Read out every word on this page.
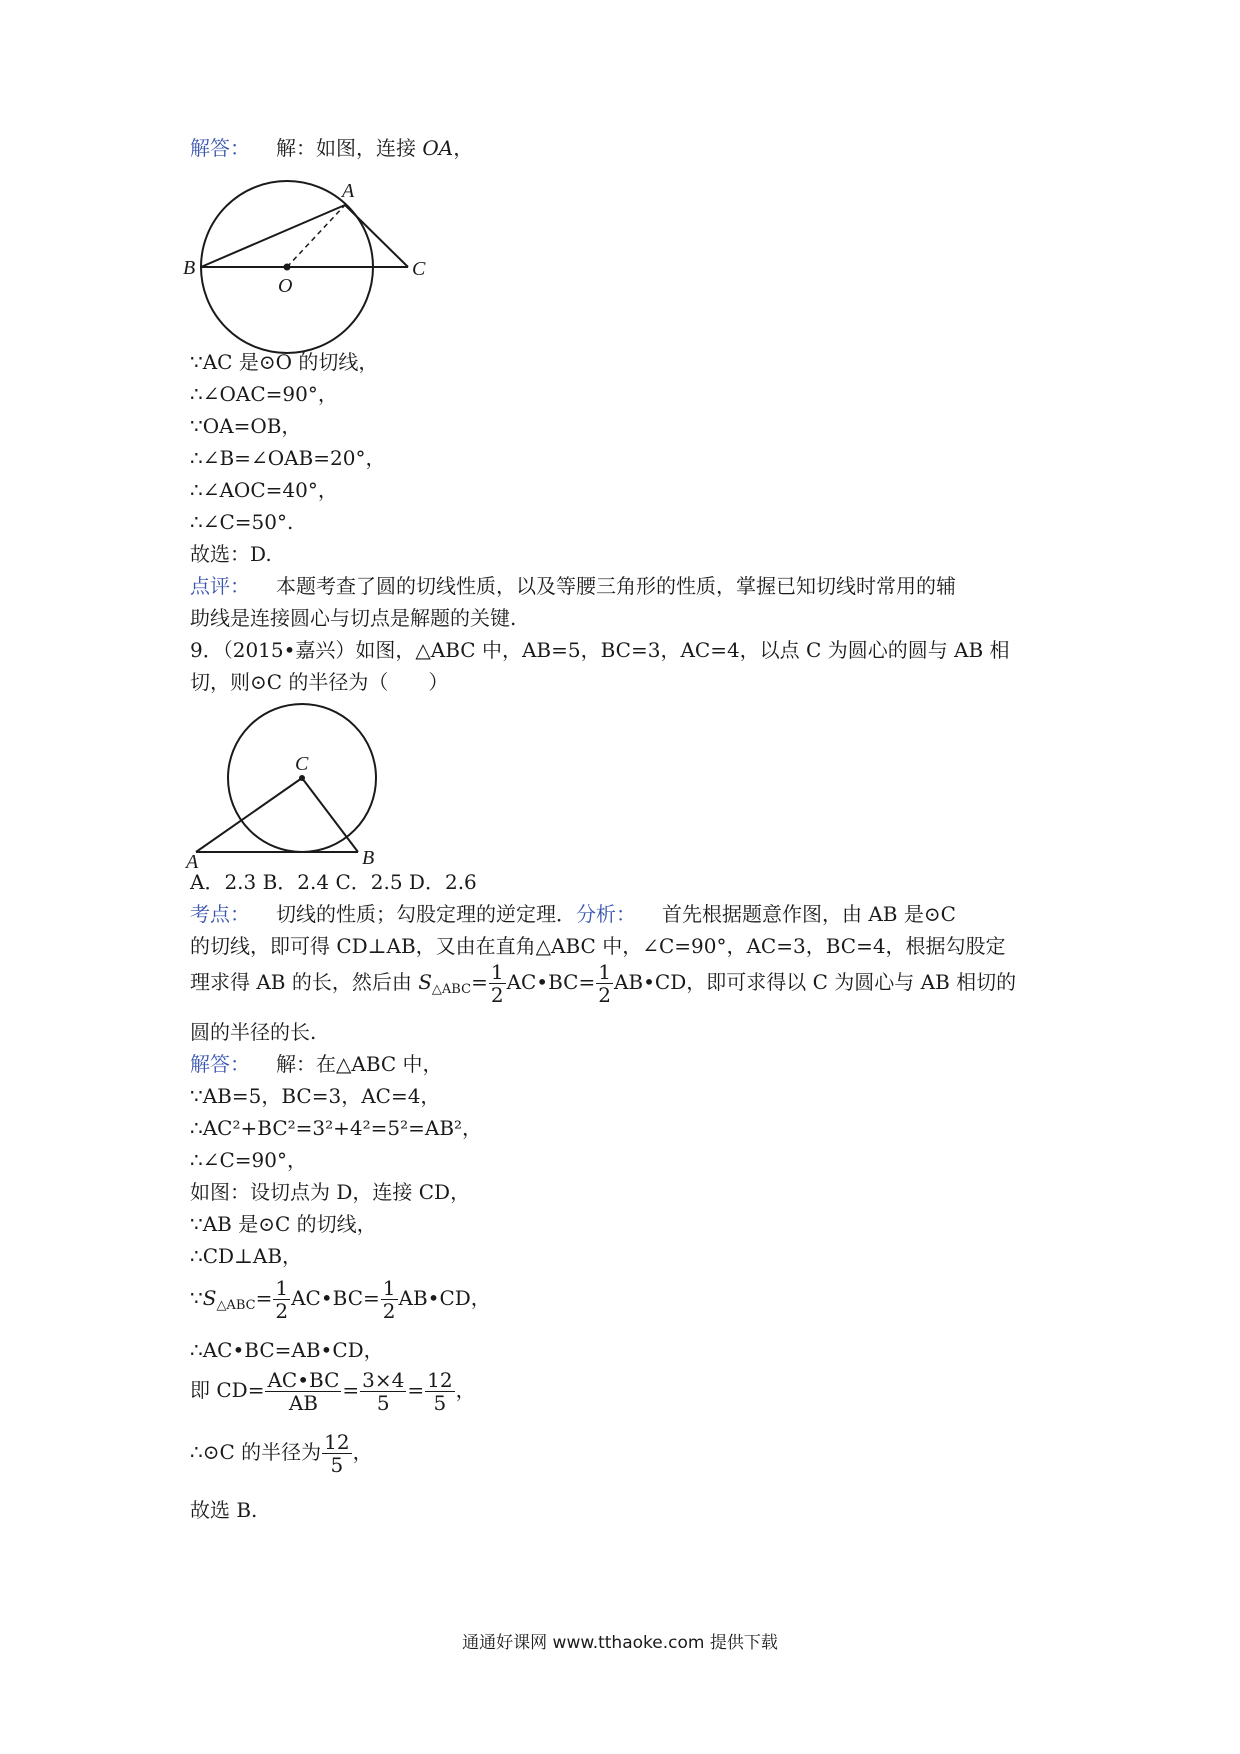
解答： 解：如图，连接 OA，
B
A
O
C
∵AC 是⊙O 的切线，
∴∠OAC=90°，
∵OA=OB，
∴∠B=∠OAB=20°，
∴∠AOC=40°，
∴∠C=50°.
故选：D.
点评： 本题考查了圆的切线性质，以及等腰三角形的性质，掌握已知切线时常用的辅
助线是连接圆心与切点是解题的关键.
9．（2015•嘉兴）如图，△ABC 中，AB=5，BC=3，AC=4，以点 C 为圆心的圆与 AB 相
切，则⊙C 的半径为（　　）
C
A	B
A．2.3 B．2.4 C．2.5 D．2.6
考点： 切线的性质；勾股定理的逆定理．分析： 首先根据题意作图，由 AB 是⊙C
的切线，即可得 CD⊥AB，又由在直角△ABC 中，∠C=90°，AC=3，BC=4，根据勾股定
理求得 AB 的长，然后由 $S_{\triangle ABC}= \frac{1}{2}$ AC•BC= $\frac{1}{2}$ AB•CD，即可求得以 C 为圆心与 AB 相切的
圆的半径的长.
解答： 解：在△ABC 中，
∵AB=5，BC=3，AC=4，
∴AC²+BC²=3²+4²=5²=AB²，
∴∠C=90°，
如图：设切点为 D，连接 CD，
∵AB 是⊙C 的切线，
∴CD⊥AB，
$\because S_{\triangle ABC}= \frac{1}{2}$ AC•BC= $\frac{1}{2}$ AB•CD，
∴AC•BC=AB•CD，
即 $CD= \frac{AC•BC}{AB} = \frac{3\times 4}{5} = \frac{12}{5}$ ，
∴⊙C 的半径为 $\frac{12}{5}$ ，
故选 B.
通通好课网 www.tthaoke.com 提供下载
